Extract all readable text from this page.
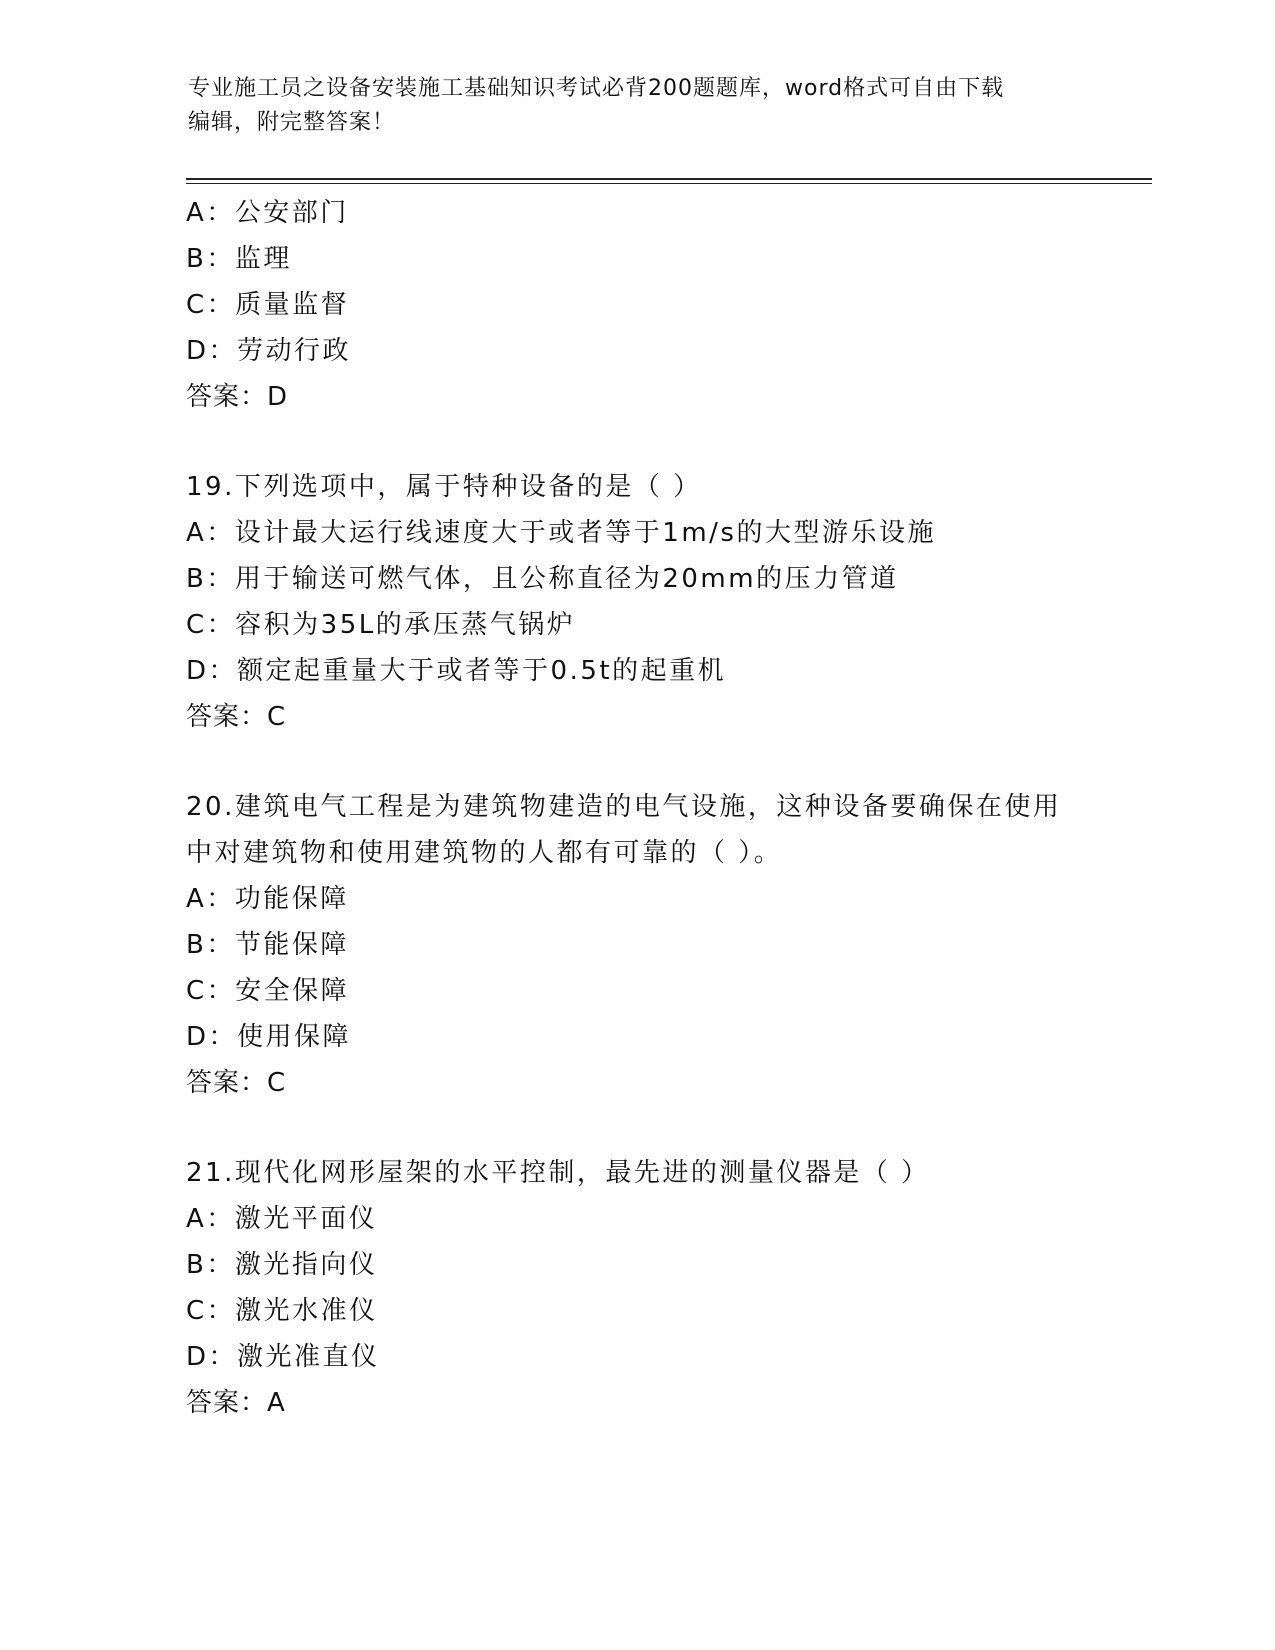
专业施工员之设备安装施工基础知识考试必背200题题库，word格式可自由下载
编辑，附完整答案！
A：公安部门
B：监理
C：质量监督
D：劳动行政
答案：D
19.下列选项中，属于特种设备的是（ ）
A：设计最大运行线速度大于或者等于1m/s的大型游乐设施
B：用于输送可燃气体，且公称直径为20mm的压力管道
C：容积为35L的承压蒸气锅炉
D：额定起重量大于或者等于0.5t的起重机
答案：C
20.建筑电气工程是为建筑物建造的电气设施，这种设备要确保在使用
中对建筑物和使用建筑物的人都有可靠的（ ）。
A：功能保障
B：节能保障
C：安全保障
D：使用保障
答案：C
21.现代化网形屋架的水平控制，最先进的测量仪器是（ ）
A：激光平面仪
B：激光指向仪
C：激光水准仪
D：激光准直仪
答案：A
